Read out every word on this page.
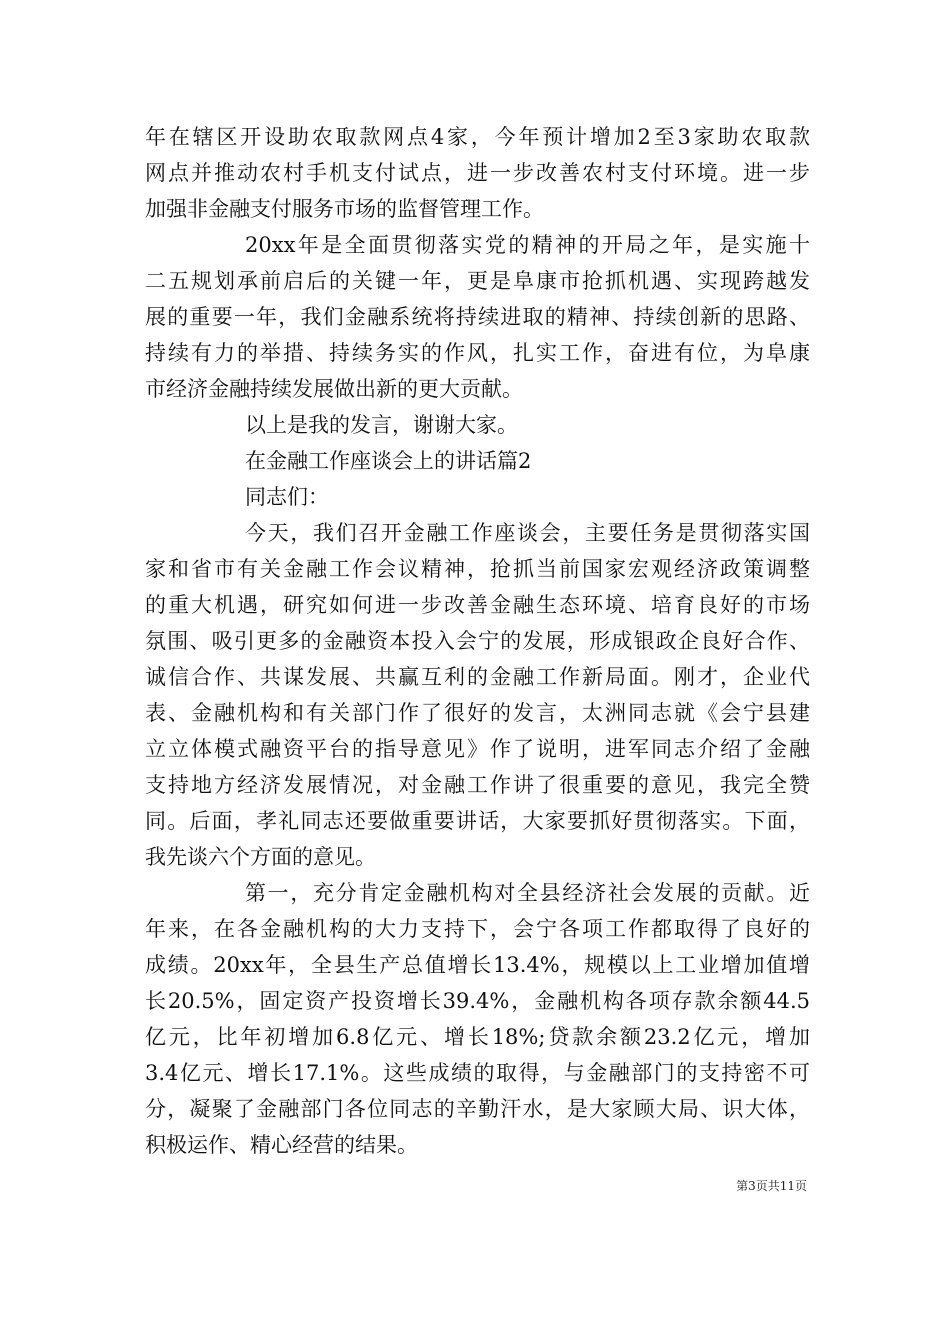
年在辖区开设助农取款网点4家，今年预计增加2至3家助农取款
网点并推动农村手机支付试点，进一步改善农村支付环境。进一步
加强非金融支付服务市场的监督管理工作。
20xx年是全面贯彻落实党的精神的开局之年，是实施十
二五规划承前启后的关键一年，更是阜康市抢抓机遇、实现跨越发
展的重要一年，我们金融系统将持续进取的精神、持续创新的思路、
持续有力的举措、持续务实的作风，扎实工作，奋进有位，为阜康
市经济金融持续发展做出新的更大贡献。
以上是我的发言，谢谢大家。
在金融工作座谈会上的讲话篇2
同志们：
今天，我们召开金融工作座谈会，主要任务是贯彻落实国
家和省市有关金融工作会议精神，抢抓当前国家宏观经济政策调整
的重大机遇，研究如何进一步改善金融生态环境、培育良好的市场
氛围、吸引更多的金融资本投入会宁的发展，形成银政企良好合作、
诚信合作、共谋发展、共赢互利的金融工作新局面。刚才，企业代
表、金融机构和有关部门作了很好的发言，太洲同志就《会宁县建
立立体模式融资平台的指导意见》作了说明，进军同志介绍了金融
支持地方经济发展情况，对金融工作讲了很重要的意见，我完全赞
同。后面，孝礼同志还要做重要讲话，大家要抓好贯彻落实。下面，
我先谈六个方面的意见。
第一，充分肯定金融机构对全县经济社会发展的贡献。近
年来，在各金融机构的大力支持下，会宁各项工作都取得了良好的
成绩。20xx年，全县生产总值增长13.4%，规模以上工业增加值增
长20.5%，固定资产投资增长39.4%，金融机构各项存款余额44.5
亿元，比年初增加6.8亿元、增长18%;贷款余额23.2亿元，增加
3.4亿元、增长17.1%。这些成绩的取得，与金融部门的支持密不可
分，凝聚了金融部门各位同志的辛勤汗水，是大家顾大局、识大体，
积极运作、精心经营的结果。
第3页共11页
